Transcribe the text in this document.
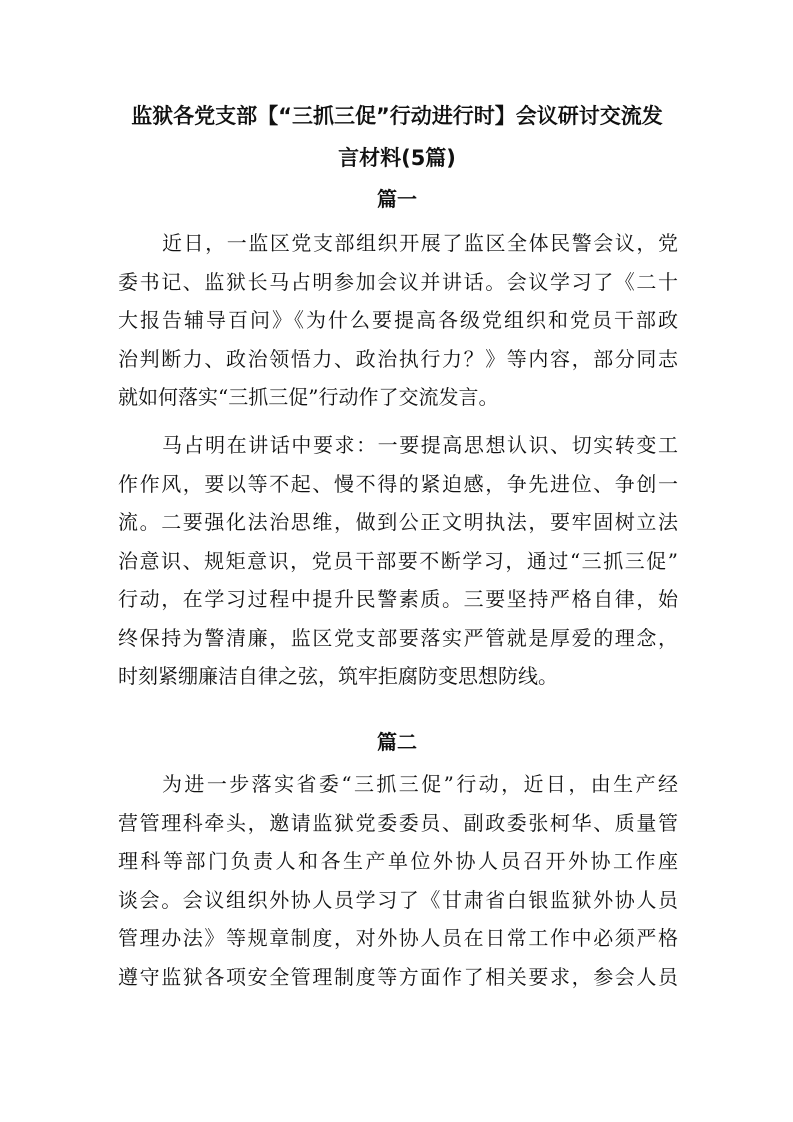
监狱各党支部【“三抓三促”行动进行时】会议研讨交流发
言材料(5篇)
篇一
近日，一监区党支部组织开展了监区全体民警会议，党
委书记、监狱长马占明参加会议并讲话。会议学习了《二十
大报告辅导百问》《为什么要提高各级党组织和党员干部政
治判断力、政治领悟力、政治执行力？》等内容，部分同志
就如何落实“三抓三促”行动作了交流发言。
马占明在讲话中要求：一要提高思想认识、切实转变工
作作风，要以等不起、慢不得的紧迫感，争先进位、争创一
流。二要强化法治思维，做到公正文明执法，要牢固树立法
治意识、规矩意识，党员干部要不断学习，通过“三抓三促”
行动，在学习过程中提升民警素质。三要坚持严格自律，始
终保持为警清廉，监区党支部要落实严管就是厚爱的理念，
时刻紧绷廉洁自律之弦，筑牢拒腐防变思想防线。
篇二
为进一步落实省委“三抓三促”行动，近日，由生产经
营管理科牵头，邀请监狱党委委员、副政委张柯华、质量管
理科等部门负责人和各生产单位外协人员召开外协工作座
谈会。会议组织外协人员学习了《甘肃省白银监狱外协人员
管理办法》等规章制度，对外协人员在日常工作中必须严格
遵守监狱各项安全管理制度等方面作了相关要求，参会人员
